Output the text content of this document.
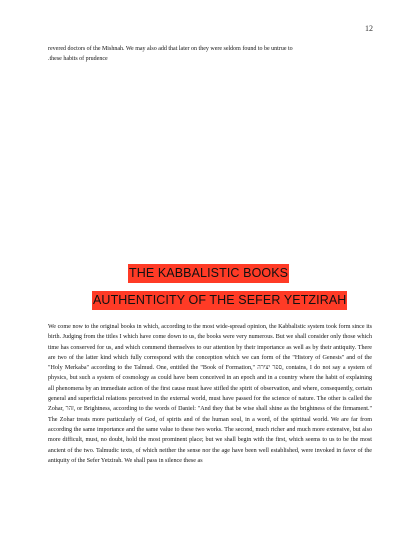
12
revered doctors of the Mishnah. We may also add that later on they were seldom found to be untrue to
.these habits of prudence
THE KABBALISTIC BOOKS
AUTHENTICITY OF THE SEFER YETZIRAH
We come now to the original books in which, according to the most wide-spread opinion, the Kabbalistic system took form since its birth. Judging from the titles I which have come down to us, the books were very numerous. But we shall consider only those which time has conserved for us, and which commend themselves to our attention by their importance as well as by their antiquity. There are two of the latter kind which fully correspond with the conception which we can form of the "History of Genesis" and of the "Holy Merkaba" according to the Talmud. One, entitled the "Book of Formation," ספר יצירה, contains, I do not say a system of physics, but such a system of cosmology as could have been conceived in an epoch and in a country where the habit of explaining all phenomena by an immediate action of the first cause must have stifled the spirit of observation, and where, consequently, certain general and superficial relations perceived in the external world, must have passed for the science of nature. The other is called the Zohar, זהר, or Brightness, according to the words of Daniel: "And they that be wise shall shine as the brightness of the firmament." The Zohar treats more particularly of God, of spirits and of the human soul, in a word, of the spiritual world. We are far from according the same importance and the same value to these two works. The second, much richer and much more extensive, but also more difficult, must, no doubt, hold the most prominent place; but we shall begin with the first, which seems to us to be the most ancient of the two. Talmudic texts, of which neither the sense nor the age have been well established, were invoked in favor of the antiquity of the Sefer Yetzirah. We shall pass in silence these as
